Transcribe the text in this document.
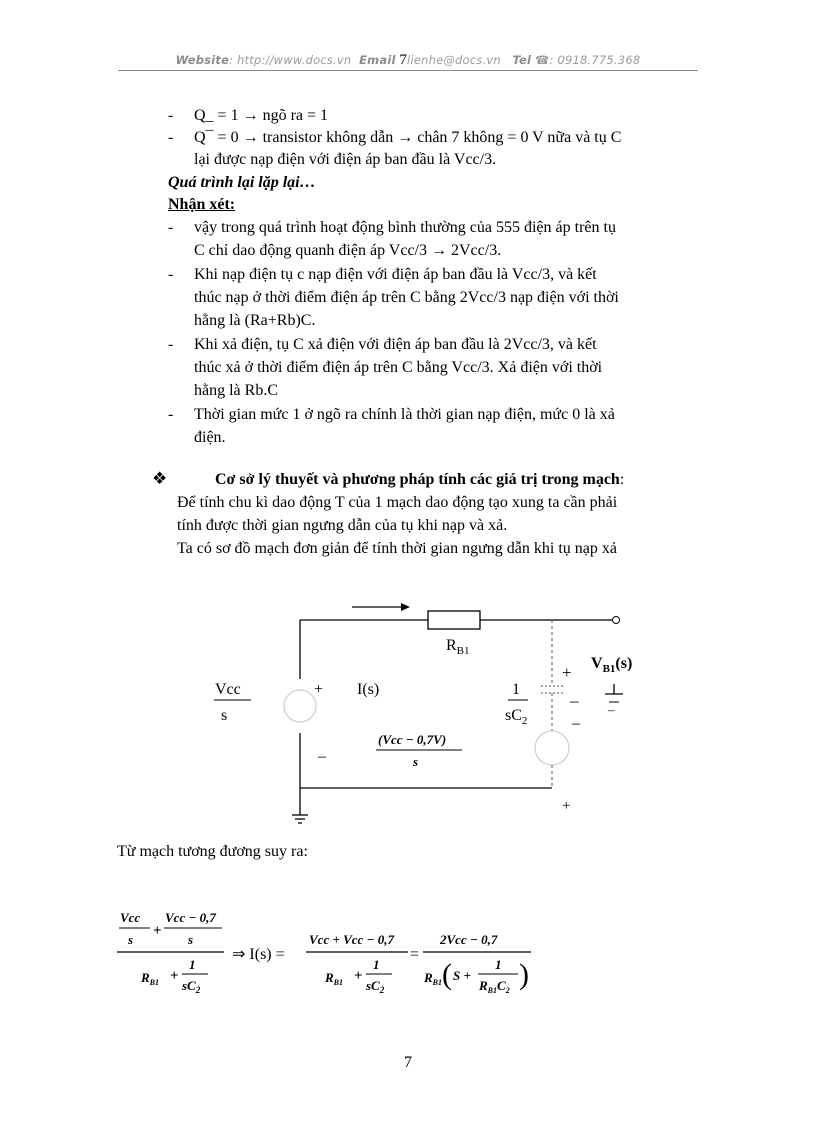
Website: http://www.docs.vn Email 7lienhe@docs.vn Tel ☎: 0918.775.368
- Q_ = 1 → ngõ ra = 1
- Q¯ = 0 → transistor không dẫn → chân 7 không = 0 V nữa và tụ C
lại được nạp điện với điện áp ban đầu là Vcc/3.
Quá trình lại lặp lại…
Nhận xét:
- vậy trong quá trình hoạt động bình thường của 555 điện áp trên tụ
C chỉ dao động quanh điện áp Vcc/3 → 2Vcc/3.
- Khi nạp điện tụ c nạp điện với điện áp ban đầu là Vcc/3, và kết
thúc nạp ở thời điểm điện áp trên C bằng 2Vcc/3 nạp điện với thời
hằng là (Ra+Rb)C.
- Khi xả điện, tụ C xả điện với điện áp ban đầu là 2Vcc/3, và kết
thúc xả ở thời điểm điện áp trên C bằng Vcc/3. Xả điện với thời
hằng là Rb.C
- Thời gian mức 1 ở ngõ ra chính là thời gian nạp điện, mức 0 là xả
điện.
❖	Cơ sở lý thuyết và phương pháp tính các giá trị trong mạch:
Để tính chu kì dao động T của 1 mạch dao động tạo xung ta cần phải
tính được thời gian ngưng dẫn của tụ khi nạp và xả.
Ta có sơ đồ mạch đơn giản để tính thời gian ngưng dẫn khi tụ nạp xả
$R_{B1}$
Vcc
s
+
–
I(s)	1
$sC_2$
+
–
–
+
(Vcc − 0,7V)
s
$V_{B1}(s)$
–
Từ mạch tương đương suy ra:
Vcc
s
+
Vcc − 0,7
s
$R_{B1}$ +
1
$sC_2$
⇒ I(s) =
Vcc + Vcc − 0,7
$R_{B1}$ +
1
$sC_2$
=
2Vcc − 0,7
$R_{B1}$ ( S +
1
$R_{B1}C_2$ )
7
